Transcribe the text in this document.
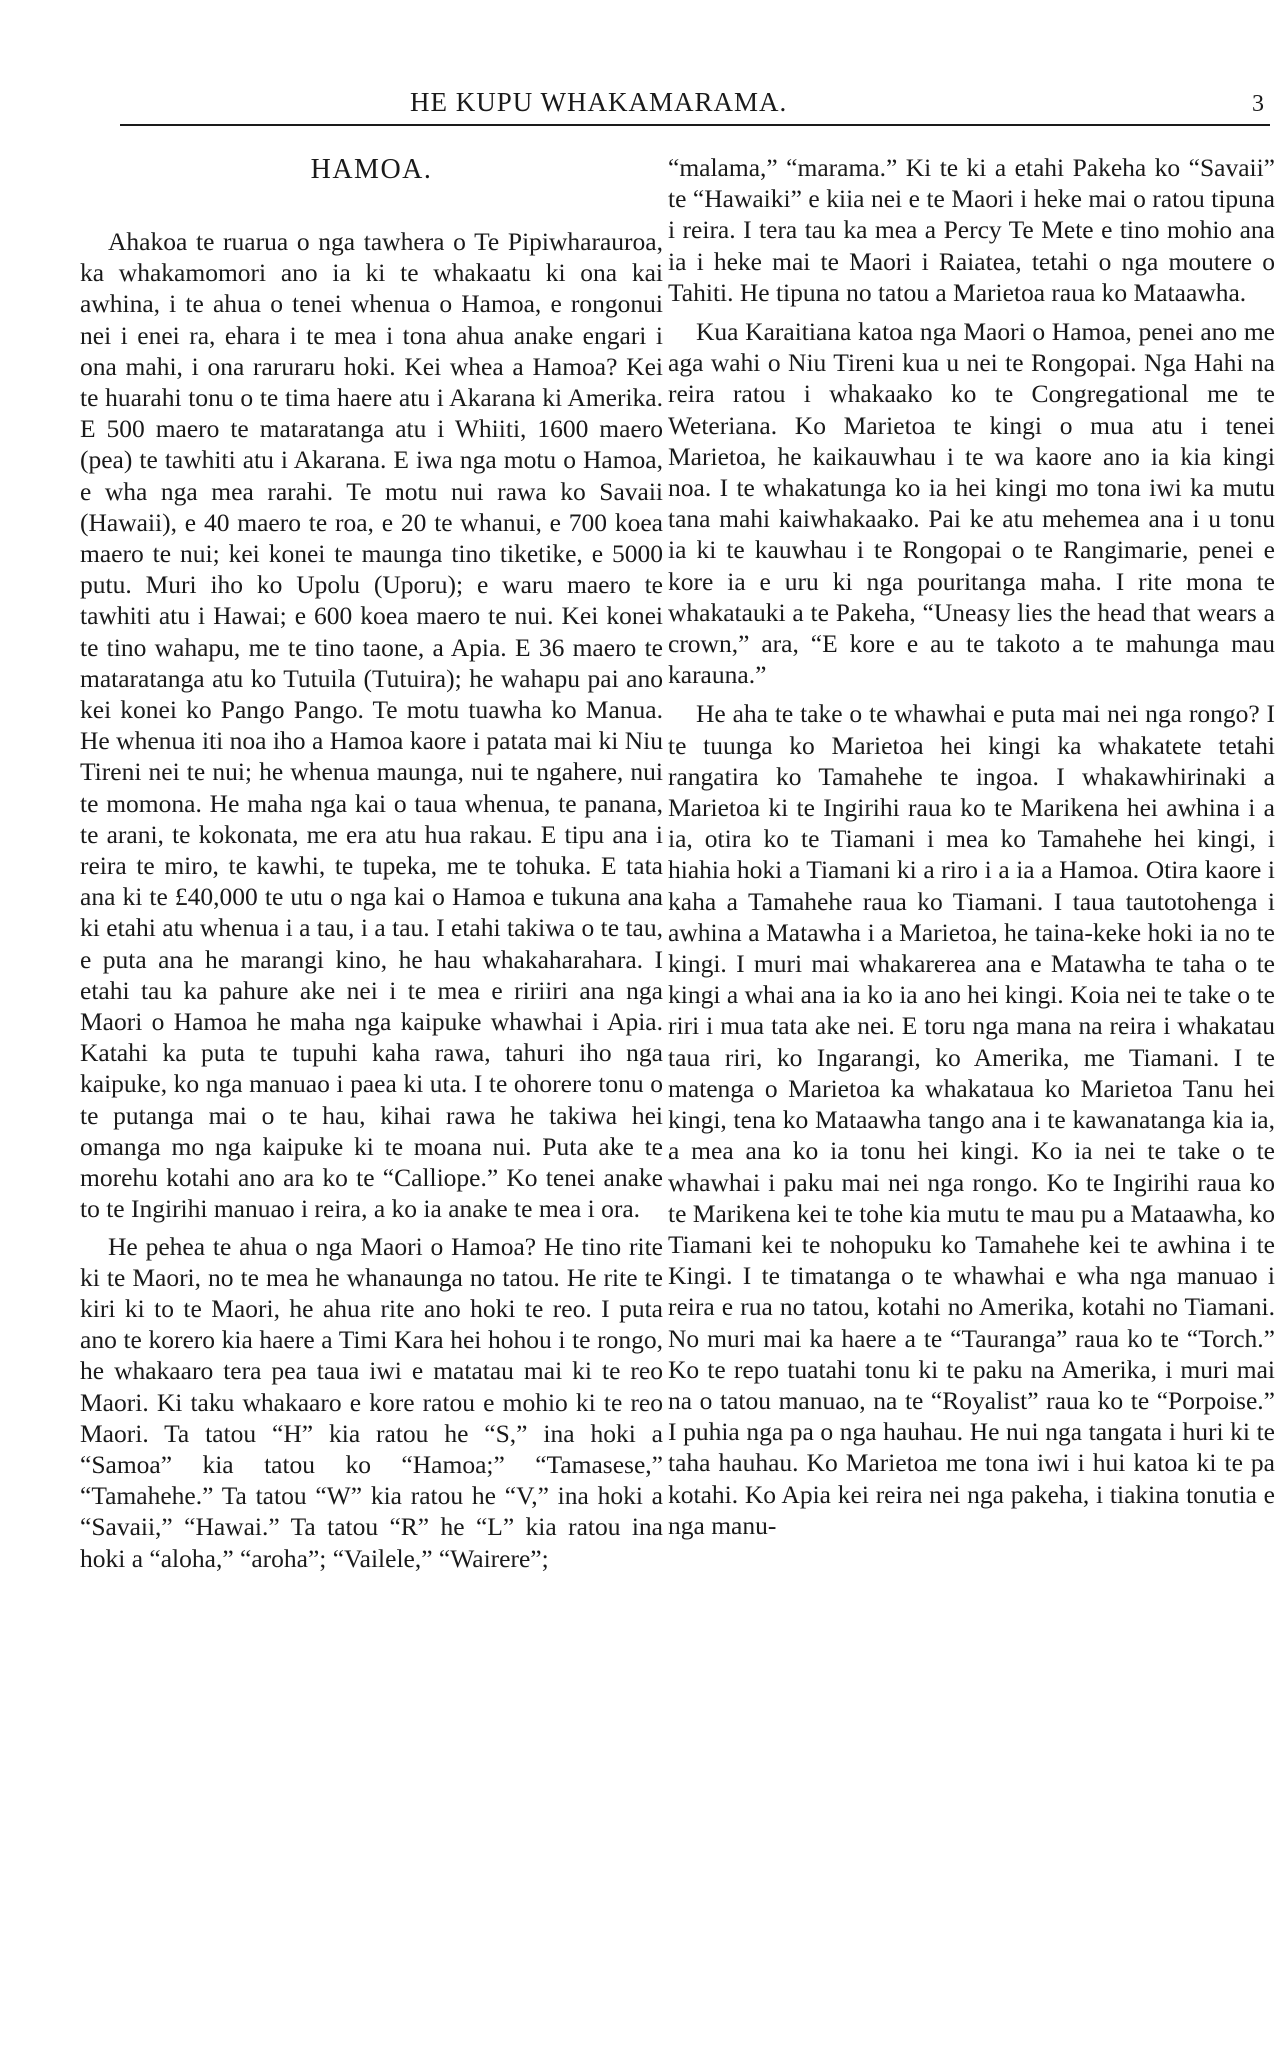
HE KUPU WHAKAMARAMA.	3
HAMOA.

Ahakoa te ruarua o nga tawhera o Te Pipiwharauroa, ka whakamomori ano ia ki te whakaatu ki ona kai awhina, i te ahua o tenei whenua o Hamoa, e rongonui nei i enei ra, ehara i te mea i tona ahua anake engari i ona mahi, i ona raruraru hoki. Kei whea a Hamoa? Kei te huarahi tonu o te tima haere atu i Akarana ki Amerika. E 500 maero te mataratanga atu i Whiiti, 1600 maero (pea) te tawhiti atu i Akarana. E iwa nga motu o Hamoa, e wha nga mea rarahi. Te motu nui rawa ko Savaii (Hawaii), e 40 maero te roa, e 20 te whanui, e 700 koea maero te nui; kei konei te maunga tino tiketike, e 5000 putu. Muri iho ko Upolu (Uporu); e waru maero te tawhiti atu i Hawai; e 600 koea maero te nui. Kei konei te tino wahapu, me te tino taone, a Apia. E 36 maero te mataratanga atu ko Tutuila (Tutuira); he wahapu pai ano kei konei ko Pango Pango. Te motu tuawha ko Manua. He whenua iti noa iho a Hamoa kaore i patata mai ki Niu Tireni nei te nui; he whenua maunga, nui te ngahere, nui te momona. He maha nga kai o taua whenua, te panana, te arani, te kokonata, me era atu hua rakau. E tipu ana i reira te miro, te kawhi, te tupeka, me te tohuka. E tata ana ki te £40,000 te utu o nga kai o Hamoa e tukuna ana ki etahi atu whenua i a tau, i a tau. I etahi takiwa o te tau, e puta ana he marangi kino, he hau whakaharahara. I etahi tau ka pahure ake nei i te mea e ririiri ana nga Maori o Hamoa he maha nga kaipuke whawhai i Apia. Katahi ka puta te tupuhi kaha rawa, tahuri iho nga kaipuke, ko nga manuao i paea ki uta. I te ohorere tonu o te putanga mai o te hau, kihai rawa he takiwa hei omanga mo nga kaipuke ki te moana nui. Puta ake te morehu kotahi ano ara ko te “Calliope.” Ko tenei anake to te Ingirihi manuao i reira, a ko ia anake te mea i ora.

He pehea te ahua o nga Maori o Hamoa? He tino rite ki te Maori, no te mea he whanaunga no tatou. He rite te kiri ki to te Maori, he ahua rite ano hoki te reo. I puta ano te korero kia haere a Timi Kara hei hohou i te rongo, he whakaaro tera pea taua iwi e matatau mai ki te reo Maori. Ki taku whakaaro e kore ratou e mohio ki te reo Maori. Ta tatou “H” kia ratou he “S,” ina hoki a “Samoa” kia tatou ko “Hamoa;” “Tamasese,” “Tamahehe.” Ta tatou “W” kia ratou he “V,” ina hoki a “Savaii,” “Hawai.” Ta tatou “R” he “L” kia ratou ina hoki a “aloha,” “aroha”; “Vailele,” “Wairere”;

“malama,” “marama.” Ki te ki a etahi Pakeha ko “Savaii” te “Hawaiki” e kiia nei e te Maori i heke mai o ratou tipuna i reira. I tera tau ka mea a Percy Te Mete e tino mohio ana ia i heke mai te Maori i Raiatea, tetahi o nga moutere o Tahiti. He tipuna no tatou a Marietoa raua ko Mataawha.

Kua Karaitiana katoa nga Maori o Hamoa, penei ano me aga wahi o Niu Tireni kua u nei te Rongopai. Nga Hahi na reira ratou i whakaako ko te Congregational me te Weteriana. Ko Marietoa te kingi o mua atu i tenei Marietoa, he kaikauwhau i te wa kaore ano ia kia kingi noa. I te whakatunga ko ia hei kingi mo tona iwi ka mutu tana mahi kaiwhakaako. Pai ke atu mehemea ana i u tonu ia ki te kauwhau i te Rongopai o te Rangimarie, penei e kore ia e uru ki nga pouritanga maha. I rite mona te whakatauki a te Pakeha, “Uneasy lies the head that wears a crown,” ara, “E kore e au te takoto a te mahunga mau karauna.”

He aha te take o te whawhai e puta mai nei nga rongo? I te tuunga ko Marietoa hei kingi ka whakatete tetahi rangatira ko Tamahehe te ingoa. I whakawhirinaki a Marietoa ki te Ingirihi raua ko te Marikena hei awhina i a ia, otira ko te Tiamani i mea ko Tamahehe hei kingi, i hiahia hoki a Tiamani ki a riro i a ia a Hamoa. Otira kaore i kaha a Tamahehe raua ko Tiamani. I taua tautotohenga i awhina a Matawha i a Marietoa, he taina-keke hoki ia no te kingi. I muri mai whakarerea ana e Matawha te taha o te kingi a whai ana ia ko ia ano hei kingi. Koia nei te take o te riri i mua tata ake nei. E toru nga mana na reira i whakatau taua riri, ko Ingarangi, ko Amerika, me Tiamani. I te matenga o Marietoa ka whakataua ko Marietoa Tanu hei kingi, tena ko Mataawha tango ana i te kawanatanga kia ia, a mea ana ko ia tonu hei kingi. Ko ia nei te take o te whawhai i paku mai nei nga rongo. Ko te Ingirihi raua ko te Marikena kei te tohe kia mutu te mau pu a Mataawha, ko Tiamani kei te nohopuku ko Tamahehe kei te awhina i te Kingi. I te timatanga o te whawhai e wha nga manuao i reira e rua no tatou, kotahi no Amerika, kotahi no Tiamani. No muri mai ka haere a te “Tauranga” raua ko te “Torch.” Ko te repo tuatahi tonu ki te paku na Amerika, i muri mai na o tatou manuao, na te “Royalist” raua ko te “Porpoise.” I puhia nga pa o nga hauhau. He nui nga tangata i huri ki te taha hauhau. Ko Marietoa me tona iwi i hui katoa ki te pa kotahi. Ko Apia kei reira nei nga pakeha, i tiakina tonutia e nga manu-
